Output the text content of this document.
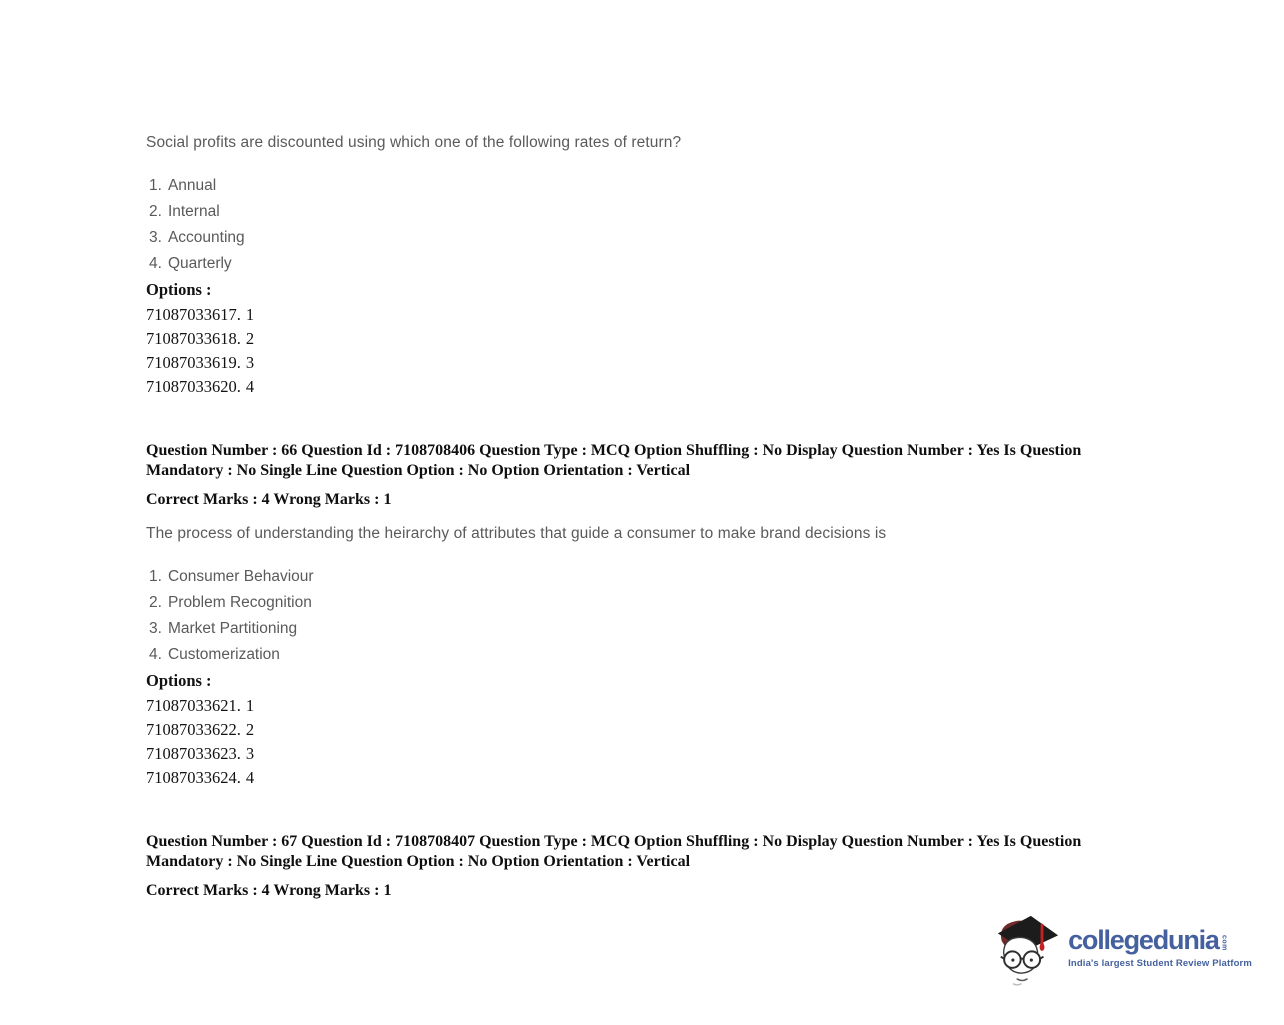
Social profits are discounted using which one of the following rates of return?
1. Annual
2. Internal
3. Accounting
4. Quarterly
Options :
71087033617. 1
71087033618. 2
71087033619. 3
71087033620. 4
Question Number : 66 Question Id : 7108708406 Question Type : MCQ Option Shuffling : No Display Question Number : Yes Is Question Mandatory : No Single Line Question Option : No Option Orientation : Vertical
Correct Marks : 4 Wrong Marks : 1
The process of understanding the heirarchy of attributes that guide a consumer to make brand decisions is
1. Consumer Behaviour
2. Problem Recognition
3. Market Partitioning
4. Customerization
Options :
71087033621. 1
71087033622. 2
71087033623. 3
71087033624. 4
Question Number : 67 Question Id : 7108708407 Question Type : MCQ Option Shuffling : No Display Question Number : Yes Is Question Mandatory : No Single Line Question Option : No Option Orientation : Vertical
Correct Marks : 4 Wrong Marks : 1
collegedunia com
India's largest Student Review Platform
